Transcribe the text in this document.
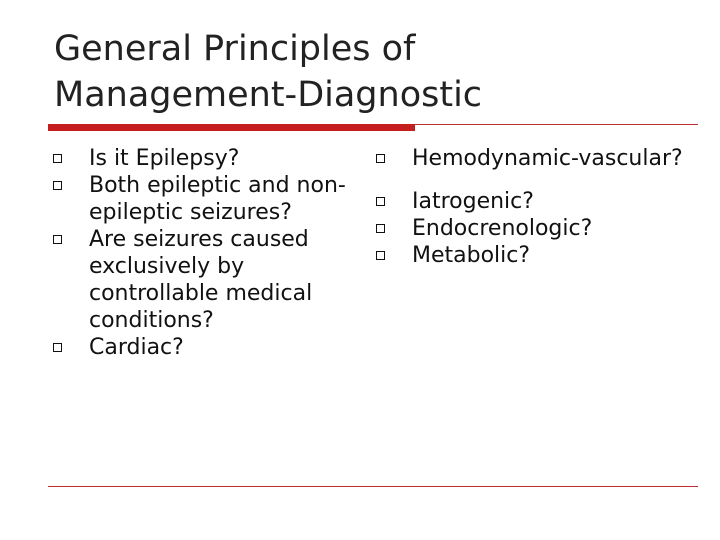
General Principles of
Management-Diagnostic
Is it Epilepsy?
Both epileptic and non-epileptic seizures?
Are seizures caused exclusively by controllable medical conditions?
Cardiac?
Hemodynamic-vascular?
Iatrogenic?
Endocrenologic?
Metabolic?
